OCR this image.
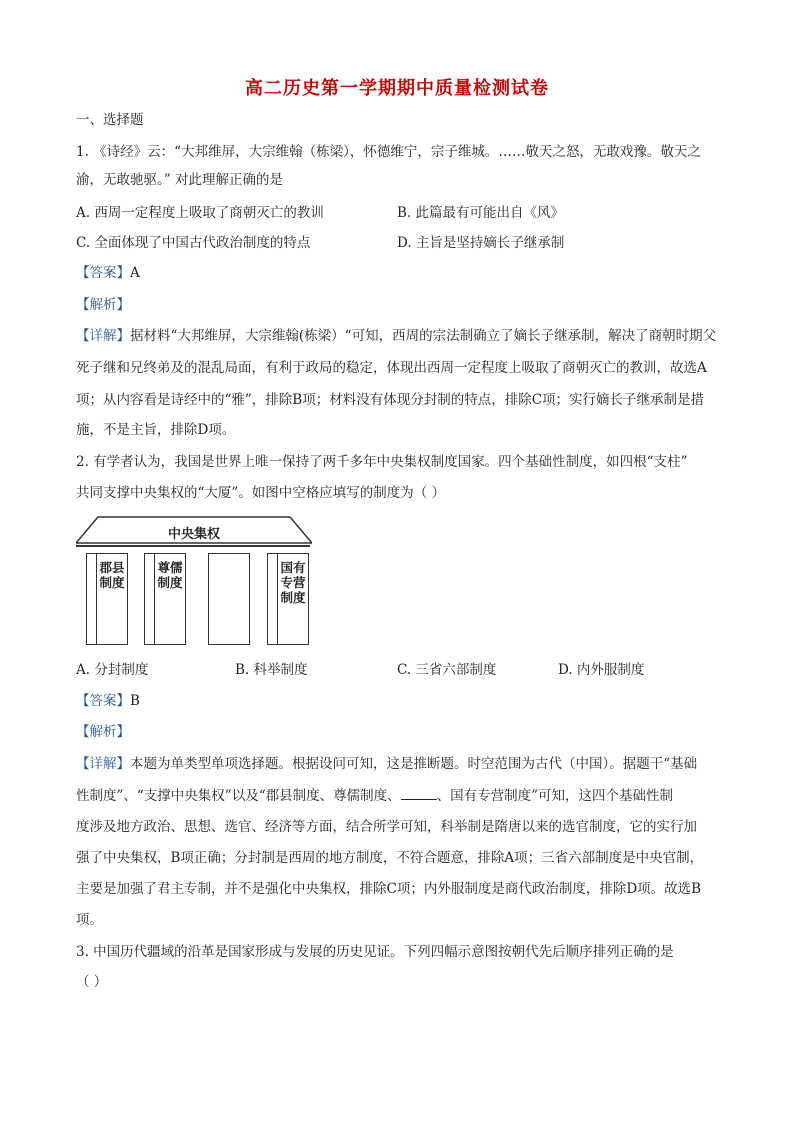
高二历史第一学期期中质量检测试卷
一、选择题
1. 《诗经》云：“大邦维屏，大宗维翰（栋梁），怀德维宁，宗子维城。……敬天之怒，无敢戏豫。敬天之
渝，无敢驰驱。” 对此理解正确的是
A. 西周一定程度上吸取了商朝灭亡的教训	B. 此篇最有可能出自《风》
C. 全面体现了中国古代政治制度的特点	D. 主旨是坚持嫡长子继承制
【答案】A
【解析】
【详解】据材料“大邦维屏，大宗维翰(栋梁）“可知，西周的宗法制确立了嫡长子继承制，解决了商朝时期父
死子继和兄终弟及的混乱局面，有利于政局的稳定，体现出西周一定程度上吸取了商朝灭亡的教训，故选A
项；从内容看是诗经中的“雅”，排除B项；材料没有体现分封制的特点，排除C项；实行嫡长子继承制是措
施，不是主旨，排除D项。
2. 有学者认为，我国是世界上唯一保持了两千多年中央集权制度国家。四个基础性制度，如四根“支柱”
共同支撑中央集权的“大厦”。如图中空格应填写的制度为（ ）
中央集权
郡县制度
尊儒制度
国有专营制度
A. 分封制度	B. 科举制度	C. 三省六部制度	D. 内外服制度
【答案】B
【解析】
【详解】本题为单类型单项选择题。根据设问可知，这是推断题。时空范围为古代（中国）。据题干“基础
性制度”、“支撑中央集权”以及“郡县制度、尊儒制度、	、国有专营制度”可知，这四个基础性制
度涉及地方政治、思想、选官、经济等方面，结合所学可知，科举制是隋唐以来的选官制度，它的实行加
强了中央集权，B项正确；分封制是西周的地方制度，不符合题意，排除A项；三省六部制度是中央官制，
主要是加强了君主专制，并不是强化中央集权，排除C项；内外服制度是商代政治制度，排除D项。故选B
项。
3. 中国历代疆域的沿革是国家形成与发展的历史见证。下列四幅示意图按朝代先后顺序排列正确的是
（ ）
